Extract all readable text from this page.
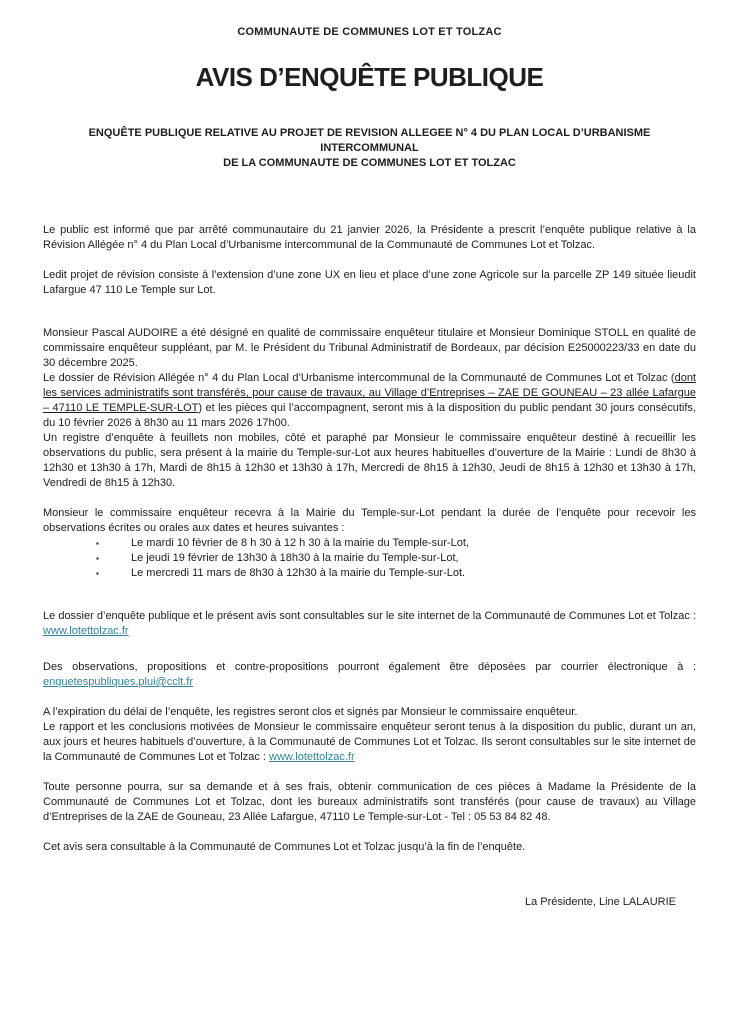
COMMUNAUTE DE COMMUNES LOT ET TOLZAC
AVIS D’ENQUÊTE PUBLIQUE
ENQUÊTE PUBLIQUE RELATIVE AU PROJET DE REVISION ALLEGEE N° 4 DU PLAN LOCAL D’URBANISME INTERCOMMUNAL
DE LA COMMUNAUTE DE COMMUNES LOT ET TOLZAC

Le public est informé que par arrêté communautaire du 21 janvier 2026, la Présidente a prescrit l’enquête publique relative à la Révision Allégée n° 4 du Plan Local d’Urbanisme intercommunal de la Communauté de Communes Lot et Tolzac.

Ledit projet de révision consiste à l’extension d’une zone UX en lieu et place d’une zone Agricole sur la parcelle ZP 149 située lieudit Lafargue 47 110 Le Temple sur Lot.

Monsieur Pascal AUDOIRE a été désigné en qualité de commissaire enquêteur titulaire et Monsieur Dominique STOLL en qualité de commissaire enquêteur suppléant, par M. le Président du Tribunal Administratif de Bordeaux, par décision E25000223/33 en date du 30 décembre 2025.

Le dossier de Révision Allégée n° 4 du Plan Local d’Urbanisme intercommunal de la Communauté de Communes Lot et Tolzac (dont les services administratifs sont transférés, pour cause de travaux, au Village d’Entreprises – ZAE DE GOUNEAU – 23 allée Lafargue – 47110 LE TEMPLE-SUR-LOT) et les pièces qui l’accompagnent, seront mis à la disposition du public pendant 30 jours consécutifs, du 10 février 2026 à 8h30 au 11 mars 2026 17h00.

Un registre d’enquête à feuillets non mobiles, côté et paraphé par Monsieur le commissaire enquêteur destiné à recueillir les observations du public, sera présent à la mairie du Temple-sur-Lot aux heures habituelles d’ouverture de la Mairie : Lundi de 8h30 à 12h30 et 13h30 à 17h, Mardi de 8h15 à 12h30 et 13h30 à 17h, Mercredi de 8h15 à 12h30, Jeudi de 8h15 à 12h30 et 13h30 à 17h, Vendredi de 8h15 à 12h30.

Monsieur le commissaire enquêteur recevra à la Mairie du Temple-sur-Lot pendant la durée de l’enquête pour recevoir les observations écrites ou orales aux dates et heures suivantes :

▪	Le mardi 10 février de 8 h 30 à 12 h 30 à la mairie du Temple-sur-Lot,
▪	Le jeudi 19 février de 13h30 à 18h30 à la mairie du Temple-sur-Lot,
▪	Le mercredi 11 mars de 8h30 à 12h30 à la mairie du Temple-sur-Lot.

Le dossier d’enquête publique et le présent avis sont consultables sur le site internet de la Communauté de Communes Lot et Tolzac : www.lotettolzac.fr

Des observations, propositions et contre-propositions pourront également être déposées par courrier électronique à : enquetespubliques.plui@cclt.fr

A l’expiration du délai de l’enquête, les registres seront clos et signés par Monsieur le commissaire enquêteur.

Le rapport et les conclusions motivées de Monsieur le commissaire enquêteur seront tenus à la disposition du public, durant un an, aux jours et heures habituels d’ouverture, à la Communauté de Communes Lot et Tolzac. Ils seront consultables sur le site internet de la Communauté de Communes Lot et Tolzac : www.lotettolzac.fr

Toute personne pourra, sur sa demande et à ses frais, obtenir communication de ces pièces à Madame la Présidente de la Communauté de Communes Lot et Tolzac, dont les bureaux administratifs sont transférés (pour cause de travaux) au Village d’Entreprises de la ZAE de Gouneau, 23 Allée Lafargue, 47110 Le Temple-sur-Lot - Tel : 05 53 84 82 48.

Cet avis sera consultable à la Communauté de Communes Lot et Tolzac jusqu’à la fin de l’enquête.

La Présidente, Line LALAURIE
